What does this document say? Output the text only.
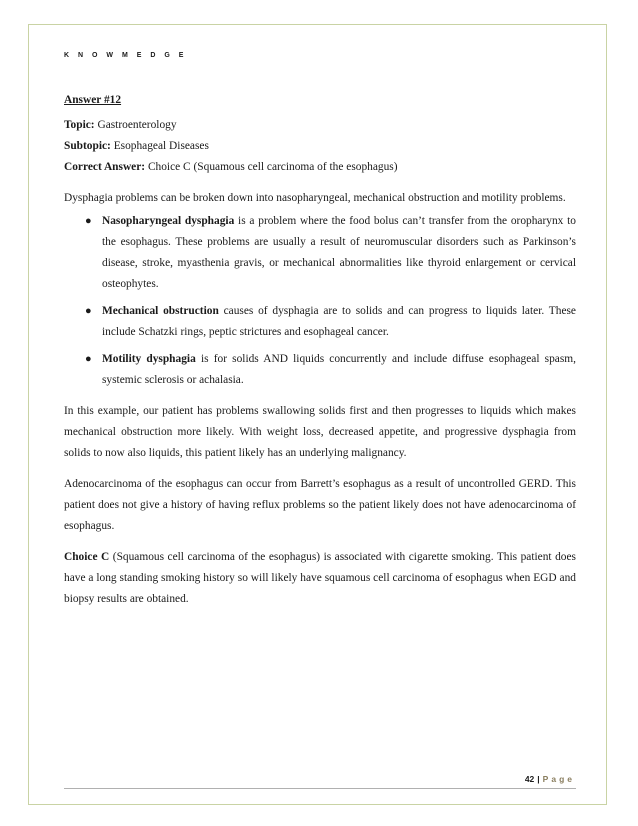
K N O W M E D G E
Answer #12
Topic: Gastroenterology
Subtopic: Esophageal Diseases
Correct Answer: Choice C (Squamous cell carcinoma of the esophagus)

Dysphagia problems can be broken down into nasopharyngeal, mechanical obstruction and motility problems.

● Nasopharyngeal dysphagia is a problem where the food bolus can’t transfer from the oropharynx to the esophagus. These problems are usually a result of neuromuscular disorders such as Parkinson’s disease, stroke, myasthenia gravis, or mechanical abnormalities like thyroid enlargement or cervical osteophytes.
● Mechanical obstruction causes of dysphagia are to solids and can progress to liquids later. These include Schatzki rings, peptic strictures and esophageal cancer.
● Motility dysphagia is for solids AND liquids concurrently and include diffuse esophageal spasm, systemic sclerosis or achalasia.

In this example, our patient has problems swallowing solids first and then progresses to liquids which makes mechanical obstruction more likely. With weight loss, decreased appetite, and progressive dysphagia from solids to now also liquids, this patient likely has an underlying malignancy.

Adenocarcinoma of the esophagus can occur from Barrett’s esophagus as a result of uncontrolled GERD. This patient does not give a history of having reflux problems so the patient likely does not have adenocarcinoma of esophagus.

Choice C (Squamous cell carcinoma of the esophagus) is associated with cigarette smoking. This patient does have a long standing smoking history so will likely have squamous cell carcinoma of esophagus when EGD and biopsy results are obtained.

42 | Page
